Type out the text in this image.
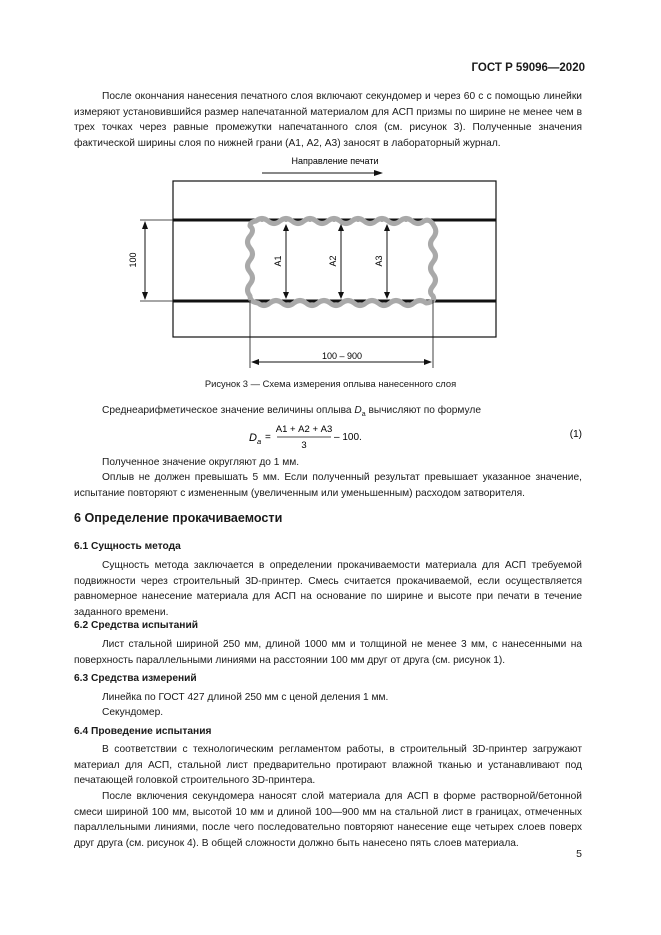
ГОСТ Р 59096—2020

После окончания нанесения печатного слоя включают секундомер и через 60 с с помощью линейки измеряют установившийся размер напечатанной материалом для АСП призмы по ширине не менее чем в трех точках через равные промежутки напечатанного слоя (см. рисунок 3). Полученные значения фактической ширины слоя по нижней грани (А1, А2, А3) заносят в лабораторный журнал.

Направление печати
100	А1	А2	А3
100 – 900
Рисунок 3 — Схема измерения оплыва нанесенного слоя

Среднеарифметическое значение величины оплыва $D_а$ вычисляют по формуле

D а =
А1 + А2 + А3
3
– 100.	(1)

Полученное значение округляют до 1 мм.

Оплыв не должен превышать 5 мм. Если полученный результат превышает указанное значение, испытание повторяют с измененным (увеличенным или уменьшенным) расходом затворителя.

6 Определение прокачиваемости
6.1 Сущность метода

Сущность метода заключается в определении прокачиваемости материала для АСП требуемой подвижности через строительный 3D-принтер. Смесь считается прокачиваемой, если осуществляется равномерное нанесение материала для АСП на основание по ширине и высоте при печати в течение заданного времени.

6.2 Средства испытаний

Лист стальной шириной 250 мм, длиной 1000 мм и толщиной не менее 3 мм, с нанесенными на поверхность параллельными линиями на расстоянии 100 мм друг от друга (см. рисунок 1).

6.3 Средства измерений

Линейка по ГОСТ 427 длиной 250 мм с ценой деления 1 мм.

Секундомер.

6.4 Проведение испытания

В соответствии с технологическим регламентом работы, в строительный 3D-принтер загружают материал для АСП, стальной лист предварительно протирают влажной тканью и устанавливают под печатающей головкой строительного 3D-принтера.

После включения секундомера наносят слой материала для АСП в форме растворной/бетонной смеси шириной 100 мм, высотой 10 мм и длиной 100—900 мм на стальной лист в границах, отмеченных параллельными линиями, после чего последовательно повторяют нанесение еще четырех слоев поверх друг друга (см. рисунок 4). В общей сложности должно быть нанесено пять слоев материала.

5
